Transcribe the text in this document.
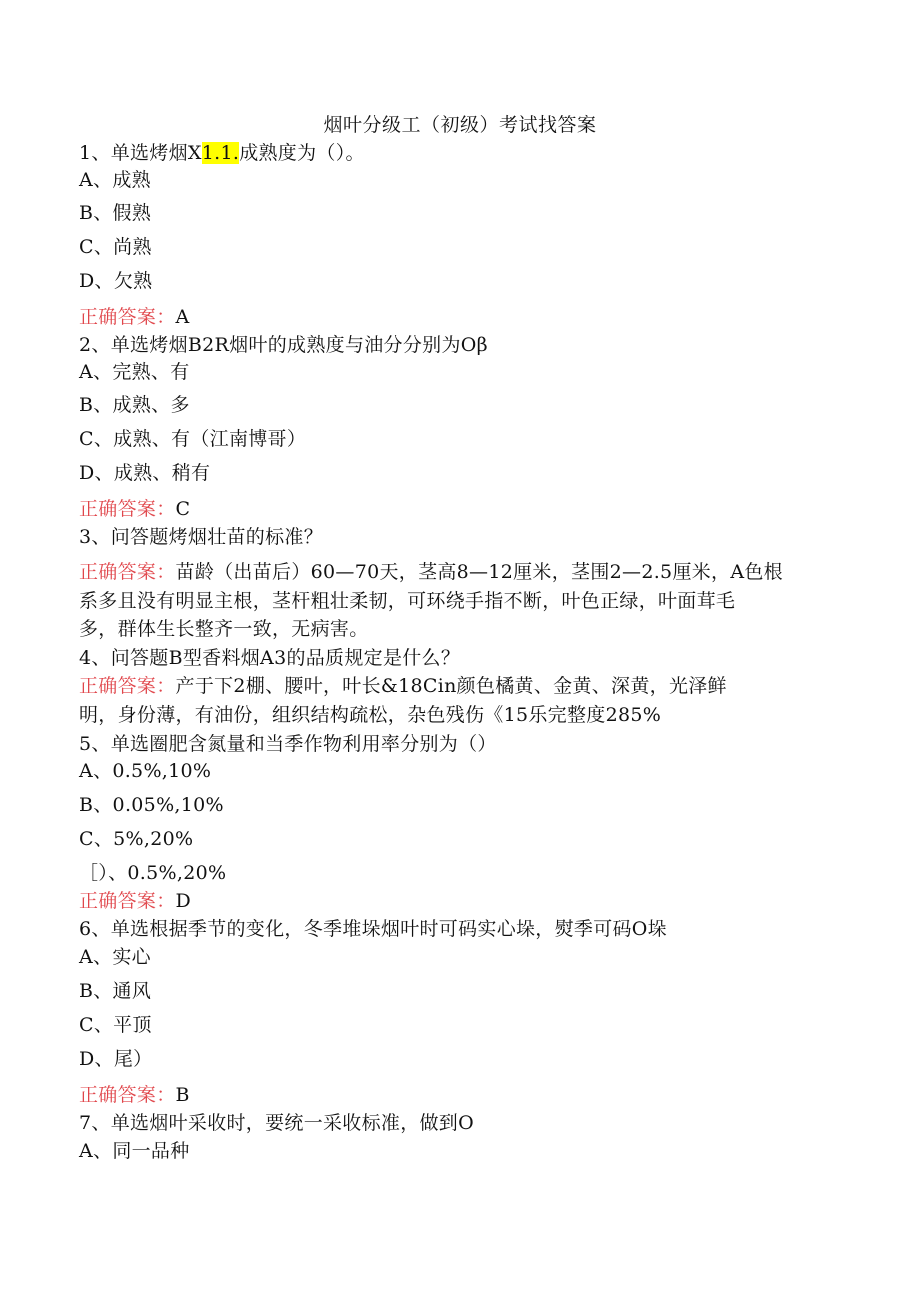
烟叶分级工（初级）考试找答案
1、单选烤烟X1.1.成熟度为（）。
A、成熟
B、假熟
C、尚熟
D、欠熟
正确答案：A
2、单选烤烟B2R烟叶的成熟度与油分分别为Oβ
A、完熟、有
B、成熟、多
C、成熟、有（江南博哥）
D、成熟、稍有
正确答案：C
3、问答题烤烟壮苗的标准？
正确答案：苗龄（出苗后）60—70天，茎高8—12厘米，茎围2—2.5厘米，A色根
系多且没有明显主根，茎杆粗壮柔韧，可环绕手指不断，叶色正绿，叶面茸毛
多，群体生长整齐一致，无病害。
4、问答题B型香料烟A3的品质规定是什么？
正确答案：产于下2棚、腰叶，叶长&18Cin颜色橘黄、金黄、深黄，光泽鲜
明，身份薄，有油份，组织结构疏松，杂色残伤《15乐完整度285%
5、单选圈肥含氮量和当季作物利用率分别为（）
A、0.5%,10%
B、0.05%,10%
C、5%,20%
［）、0.5%,20%
正确答案：D
6、单选根据季节的变化，冬季堆垛烟叶时可码实心垛，熨季可码O垛
A、实心
B、通风
C、平顶
D、尾）
正确答案：B
7、单选烟叶采收时，要统一采收标准，做到O
A、同一品种
